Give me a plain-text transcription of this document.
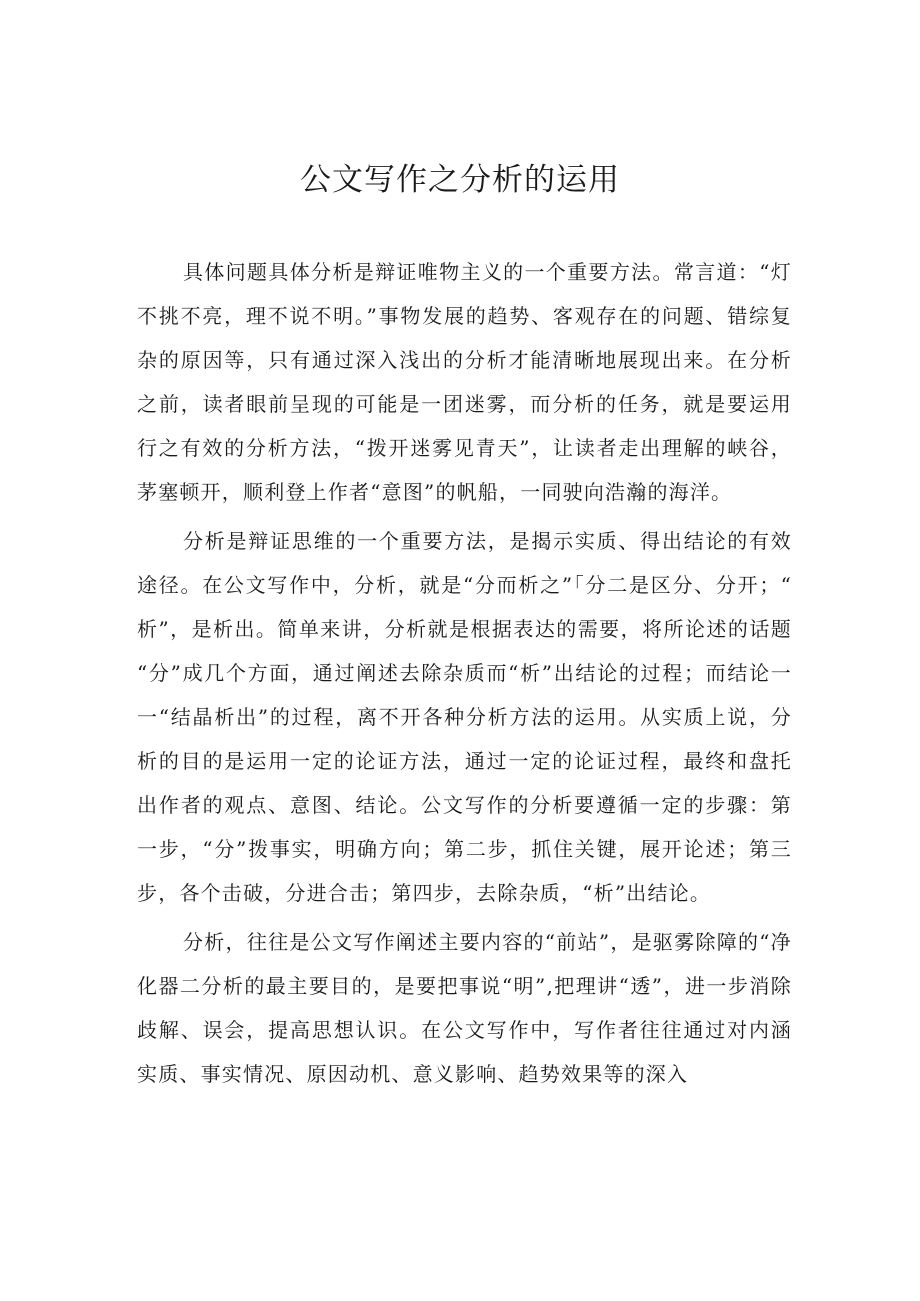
公文写作之分析的运用

具体问题具体分析是辩证唯物主义的一个重要方法。常言道：“灯不挑不亮，理不说不明。”事物发展的趋势、客观存在的问题、错综复杂的原因等，只有通过深入浅出的分析才能清晰地展现出来。在分析之前，读者眼前呈现的可能是一团迷雾，而分析的任务，就是要运用行之有效的分析方法，“拨开迷雾见青天”，让读者走出理解的峡谷，茅塞顿开，顺利登上作者“意图”的帆船，一同驶向浩瀚的海洋。

分析是辩证思维的一个重要方法，是揭示实质、得出结论的有效途径。在公文写作中，分析，就是“分而析之”「分二是区分、分开；“析”，是析出。简单来讲，分析就是根据表达的需要，将所论述的话题“分”成几个方面，通过阐述去除杂质而“析”出结论的过程；而结论一一“结晶析出”的过程，离不开各种分析方法的运用。从实质上说，分析的目的是运用一定的论证方法，通过一定的论证过程，最终和盘托出作者的观点、意图、结论。公文写作的分析要遵循一定的步骤：第一步，“分”拨事实，明确方向；第二步，抓住关键，展开论述；第三步，各个击破，分进合击；第四步，去除杂质，“析”出结论。

分析，往往是公文写作阐述主要内容的“前站”，是驱雾除障的“净化器二分析的最主要目的，是要把事说“明”,把理讲“透”，进一步消除歧解、误会，提高思想认识。在公文写作中，写作者往往通过对内涵实质、事实情况、原因动机、意义影响、趋势效果等的深入
